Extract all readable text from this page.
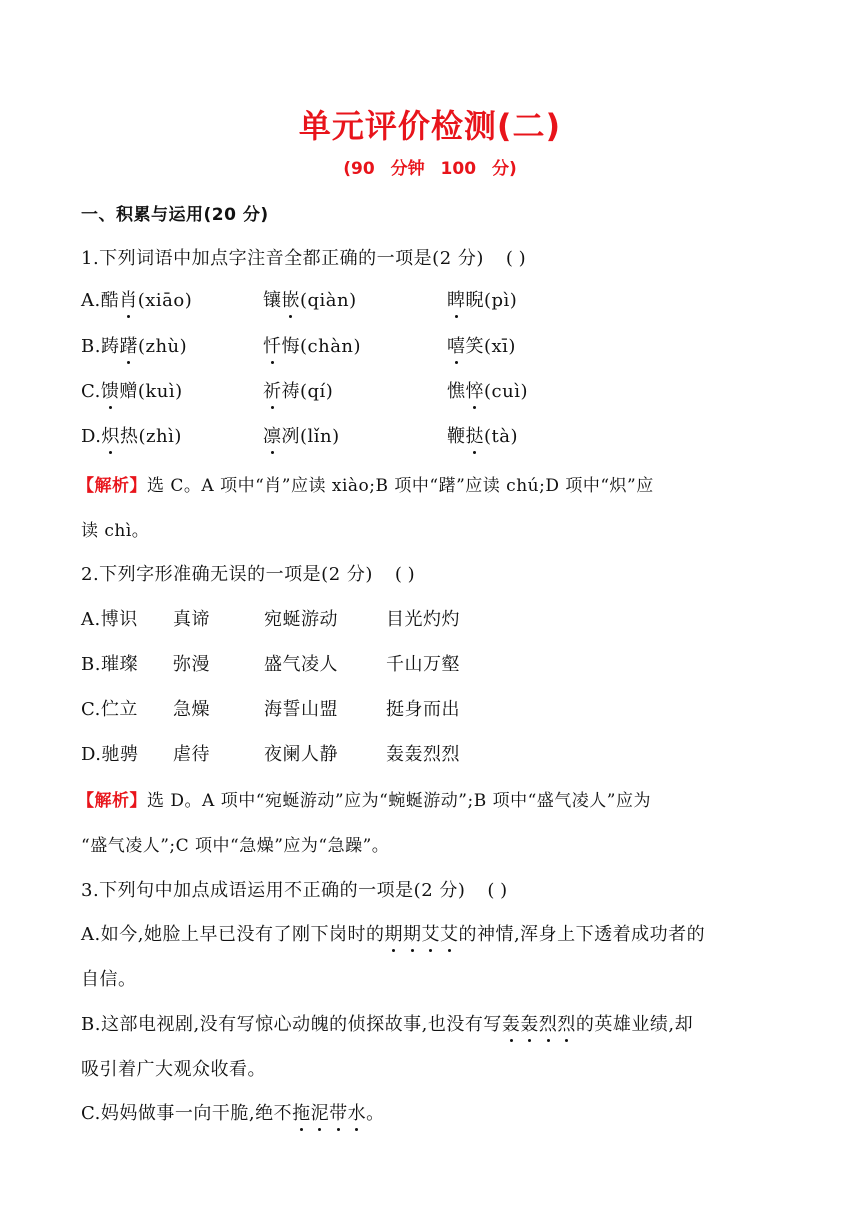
单元评价检测(二)
(90 分钟 100 分)
一、积累与运用(20 分)
1.下列词语中加点字注音全都正确的一项是(2 分) ( )
A.酷肖(xiāo)	镶嵌(qiàn)	睥睨(pì)
B.踌躇(zhù)	忏悔(chàn)	嘻笑(xī)
C.馈赠(kuì)	祈祷(qí)	憔悴(cuì)
D.炽热(zhì)	凛冽(lǐn)	鞭挞(tà)
【解析】选 C。A 项中“肖”应读 xiào;B 项中“躇”应读 chú;D 项中“炽”应
读 chì。
2.下列字形准确无误的一项是(2 分) ( )
A.博识 真谛	宛蜒游动	目光灼灼
B.璀璨 弥漫	盛气凌人	千山万壑
C.伫立 急燥	海誓山盟	挺身而出
D.驰骋 虐待	夜阑人静	轰轰烈烈
【解析】选 D。A 项中“宛蜒游动”应为“蜿蜒游动”;B 项中“盛气凌人”应为
“盛气凌人”;C 项中“急燥”应为“急躁”。
3.下列句中加点成语运用不正确的一项是(2 分) ( )
A.如今,她脸上早已没有了刚下岗时的期期艾艾的神情,浑身上下透着成功者的
自信。
B.这部电视剧,没有写惊心动魄的侦探故事,也没有写轰轰烈烈的英雄业绩,却
吸引着广大观众收看。
C.妈妈做事一向干脆,绝不拖泥带水。
